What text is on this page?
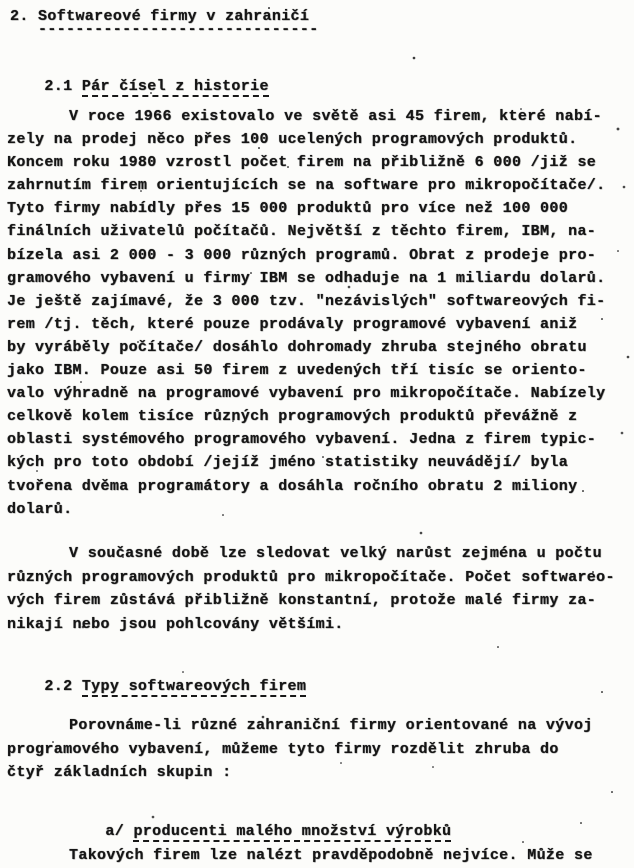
2. Softwareové firmy v zahraničí
------------------------------

2.1 Pár čísel z historie

V roce 1966 existovalo ve světě asi 45 firem, které nabí-
zely na prodej něco přes 100 ucelených programových produktů.
Koncem roku 1980 vzrostl počet firem na přibližně 6 000 /již se
zahrnutím firem orientujících se na software pro mikropočítače/.
Tyto firmy nabídly přes 15 000 produktů pro více než 100 000
finálních uživatelů počítačů. Největší z těchto firem, IBM, na-
bízela asi 2 000 - 3 000 různých programů. Obrat z prodeje pro-
gramového vybavení u firmy IBM se odhaduje na 1 miliardu dolarů.
Je ještě zajímavé, že 3 000 tzv. "nezávislých" softwareových fi-
rem /tj. těch, které pouze prodávaly programové vybavení aniž
by vyráběly počítače/ dosáhlo dohromady zhruba stejného obratu
jako IBM. Pouze asi 50 firem z uvedených tří tisíc se oriento-
valo výhradně na programové vybavení pro mikropočítače. Nabízely
celkově kolem tisíce různých programových produktů převážně z
oblasti systémového programového vybavení. Jedna z firem typic-
kých pro toto období /jejíž jméno statistiky neuvádějí/ byla
tvořena dvěma programátory a dosáhla ročního obratu 2 miliony
dolarů.
V současné době lze sledovat velký narůst zejména u počtu
různých programových produktů pro mikropočítače. Počet softwareo-
vých firem zůstává přibližně konstantní, protože malé firmy za-
nikají nebo jsou pohlcovány většími.

2.2 Typy softwareových firem

Porovnáme-li různé zahraniční firmy orientované na vývoj
programového vybavení, můžeme tyto firmy rozdělit zhruba do
čtyř základních skupin :

a/ producenti malého množství výrobků

Takových firem lze nalézt pravděpodobně nejvíce. Může se
